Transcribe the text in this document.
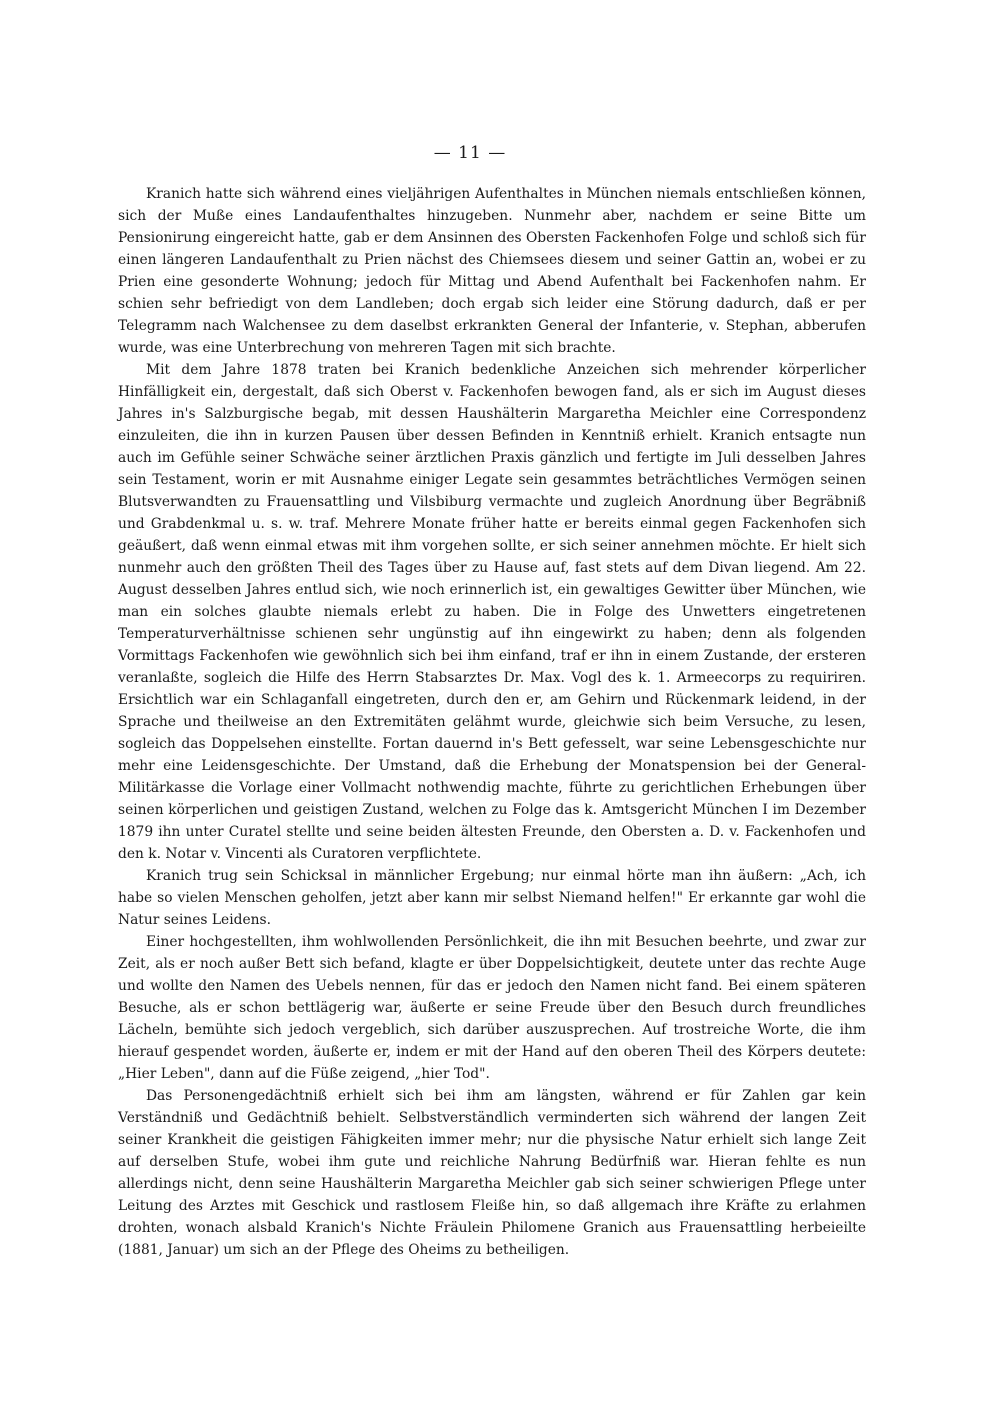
— 11 —

Kranich hatte sich während eines vieljährigen Aufenthaltes in München niemals entschließen können, sich der Muße eines Landaufenthaltes hinzugeben. Nunmehr aber, nachdem er seine Bitte um Pensionirung eingereicht hatte, gab er dem Ansinnen des Obersten Fackenhofen Folge und schloß sich für einen längeren Landaufenthalt zu Prien nächst des Chiemsees diesem und seiner Gattin an, wobei er zu Prien eine gesonderte Wohnung; jedoch für Mittag und Abend Aufenthalt bei Fackenhofen nahm. Er schien sehr befriedigt von dem Landleben; doch ergab sich leider eine Störung dadurch, daß er per Telegramm nach Walchensee zu dem daselbst erkrankten General der Infanterie, v. Stephan, abberufen wurde, was eine Unterbrechung von mehreren Tagen mit sich brachte.

Mit dem Jahre 1878 traten bei Kranich bedenkliche Anzeichen sich mehrender körperlicher Hinfälligkeit ein, dergestalt, daß sich Oberst v. Fackenhofen bewogen fand, als er sich im August dieses Jahres in's Salzburgische begab, mit dessen Haushälterin Margaretha Meichler eine Correspondenz einzuleiten, die ihn in kurzen Pausen über dessen Befinden in Kenntniß erhielt. Kranich entsagte nun auch im Gefühle seiner Schwäche seiner ärztlichen Praxis gänzlich und fertigte im Juli desselben Jahres sein Testament, worin er mit Ausnahme einiger Legate sein gesammtes beträchtliches Vermögen seinen Blutsverwandten zu Frauensattling und Vilsbiburg vermachte und zugleich Anordnung über Begräbniß und Grabdenkmal u. s. w. traf. Mehrere Monate früher hatte er bereits einmal gegen Fackenhofen sich geäußert, daß wenn einmal etwas mit ihm vorgehen sollte, er sich seiner annehmen möchte. Er hielt sich nunmehr auch den größten Theil des Tages über zu Hause auf, fast stets auf dem Divan liegend. Am 22. August desselben Jahres entlud sich, wie noch erinnerlich ist, ein gewaltiges Gewitter über München, wie man ein solches glaubte niemals erlebt zu haben. Die in Folge des Unwetters eingetretenen Temperaturverhältnisse schienen sehr ungünstig auf ihn eingewirkt zu haben; denn als folgenden Vormittags Fackenhofen wie gewöhnlich sich bei ihm einfand, traf er ihn in einem Zustande, der ersteren veranlaßte, sogleich die Hilfe des Herrn Stabsarztes Dr. Max. Vogl des k. 1. Armeecorps zu requiriren. Ersichtlich war ein Schlaganfall eingetreten, durch den er, am Gehirn und Rückenmark leidend, in der Sprache und theilweise an den Extremitäten gelähmt wurde, gleichwie sich beim Versuche, zu lesen, sogleich das Doppelsehen einstellte. Fortan dauernd in's Bett gefesselt, war seine Lebensgeschichte nur mehr eine Leidensgeschichte. Der Umstand, daß die Erhebung der Monatspension bei der General-Militärkasse die Vorlage einer Vollmacht nothwendig machte, führte zu gerichtlichen Erhebungen über seinen körperlichen und geistigen Zustand, welchen zu Folge das k. Amtsgericht München I im Dezember 1879 ihn unter Curatel stellte und seine beiden ältesten Freunde, den Obersten a. D. v. Fackenhofen und den k. Notar v. Vincenti als Curatoren verpflichtete.

Kranich trug sein Schicksal in männlicher Ergebung; nur einmal hörte man ihn äußern: „Ach, ich habe so vielen Menschen geholfen, jetzt aber kann mir selbst Niemand helfen!" Er erkannte gar wohl die Natur seines Leidens.

Einer hochgestellten, ihm wohlwollenden Persönlichkeit, die ihn mit Besuchen beehrte, und zwar zur Zeit, als er noch außer Bett sich befand, klagte er über Doppelsichtigkeit, deutete unter das rechte Auge und wollte den Namen des Uebels nennen, für das er jedoch den Namen nicht fand. Bei einem späteren Besuche, als er schon bettlägerig war, äußerte er seine Freude über den Besuch durch freundliches Lächeln, bemühte sich jedoch vergeblich, sich darüber auszusprechen. Auf trostreiche Worte, die ihm hierauf gespendet worden, äußerte er, indem er mit der Hand auf den oberen Theil des Körpers deutete: „Hier Leben", dann auf die Füße zeigend, „hier Tod".

Das Personengedächtniß erhielt sich bei ihm am längsten, während er für Zahlen gar kein Verständniß und Gedächtniß behielt. Selbstverständlich verminderten sich während der langen Zeit seiner Krankheit die geistigen Fähigkeiten immer mehr; nur die physische Natur erhielt sich lange Zeit auf derselben Stufe, wobei ihm gute und reichliche Nahrung Bedürfniß war. Hieran fehlte es nun allerdings nicht, denn seine Haushälterin Margaretha Meichler gab sich seiner schwierigen Pflege unter Leitung des Arztes mit Geschick und rastlosem Fleiße hin, so daß allgemach ihre Kräfte zu erlahmen drohten, wonach alsbald Kranich's Nichte Fräulein Philomene Granich aus Frauensattling herbeieilte (1881, Januar) um sich an der Pflege des Oheims zu betheiligen.
